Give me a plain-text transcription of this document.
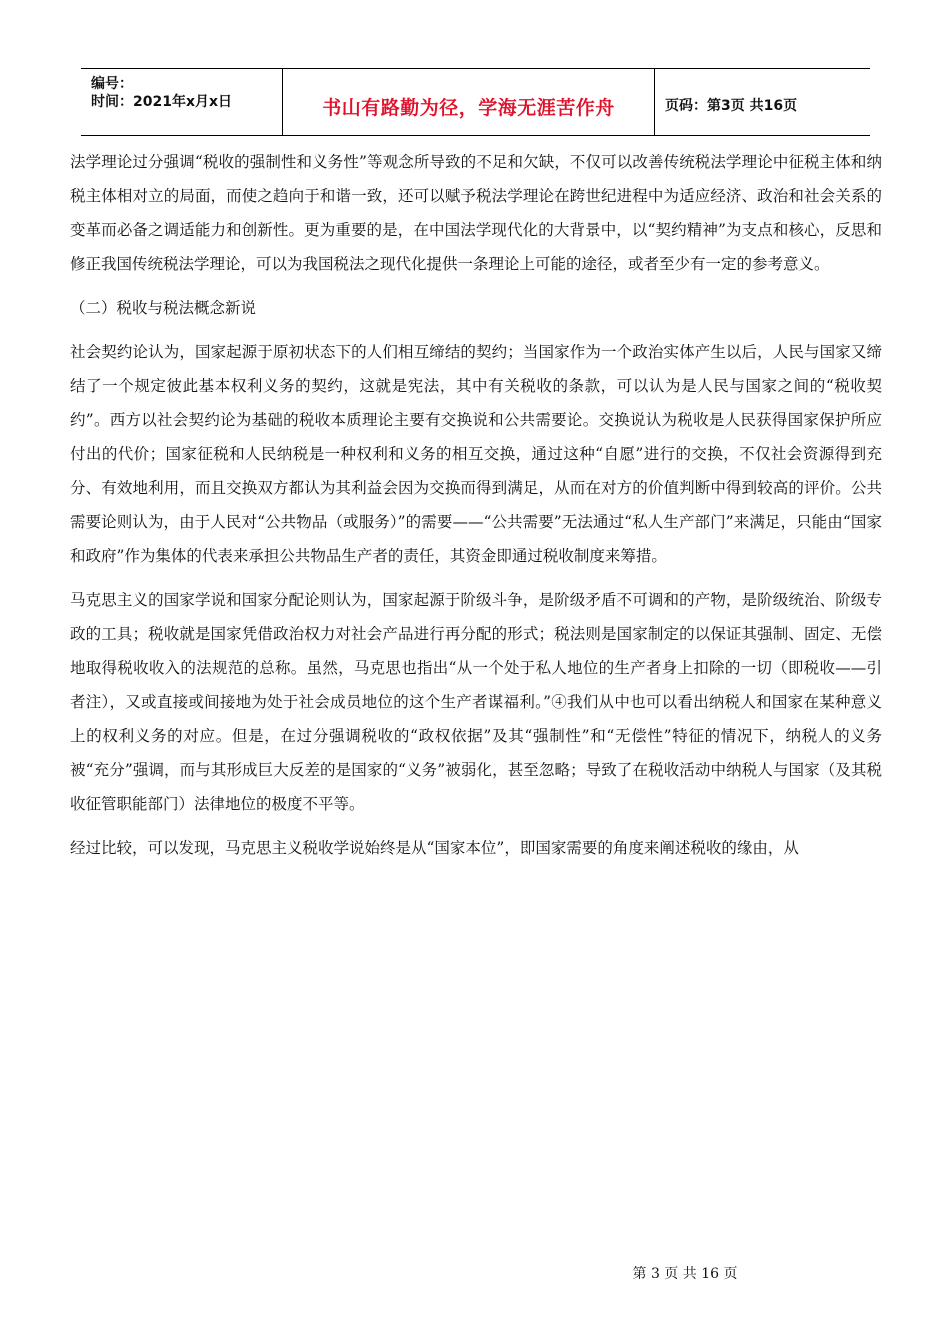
编号：
时间：2021年x月x日	书山有路勤为径，学海无涯苦作舟	页码：第3页 共16页

法学理论过分强调“税收的强制性和义务性”等观念所导致的不足和欠缺，不仅可以改善传统税法学理论中征税主体和纳税主体相对立的局面，而使之趋向于和谐一致，还可以赋予税法学理论在跨世纪进程中为适应经济、政治和社会关系的变革而必备之调适能力和创新性。更为重要的是，在中国法学现代化的大背景中，以“契约精神”为支点和核心，反思和修正我国传统税法学理论，可以为我国税法之现代化提供一条理论上可能的途径，或者至少有一定的参考意义。

（二）税收与税法概念新说

社会契约论认为，国家起源于原初状态下的人们相互缔结的契约；当国家作为一个政治实体产生以后，人民与国家又缔结了一个规定彼此基本权利义务的契约，这就是宪法，其中有关税收的条款，可以认为是人民与国家之间的“税收契约”。西方以社会契约论为基础的税收本质理论主要有交换说和公共需要论。交换说认为税收是人民获得国家保护所应付出的代价；国家征税和人民纳税是一种权利和义务的相互交换，通过这种“自愿”进行的交换，不仅社会资源得到充分、有效地利用，而且交换双方都认为其利益会因为交换而得到满足，从而在对方的价值判断中得到较高的评价。公共需要论则认为，由于人民对“公共物品（或服务）”的需要——“公共需要”无法通过“私人生产部门”来满足，只能由“国家和政府”作为集体的代表来承担公共物品生产者的责任，其资金即通过税收制度来筹措。

马克思主义的国家学说和国家分配论则认为，国家起源于阶级斗争，是阶级矛盾不可调和的产物，是阶级统治、阶级专政的工具；税收就是国家凭借政治权力对社会产品进行再分配的形式；税法则是国家制定的以保证其强制、固定、无偿地取得税收收入的法规范的总称。虽然，马克思也指出“从一个处于私人地位的生产者身上扣除的一切（即税收——引者注），又或直接或间接地为处于社会成员地位的这个生产者谋福利。”④我们从中也可以看出纳税人和国家在某种意义上的权利义务的对应。但是，在过分强调税收的“政权依据”及其“强制性”和“无偿性”特征的情况下，纳税人的义务被“充分”强调，而与其形成巨大反差的是国家的“义务”被弱化，甚至忽略；导致了在税收活动中纳税人与国家（及其税收征管职能部门）法律地位的极度不平等。

经过比较，可以发现，马克思主义税收学说始终是从“国家本位”，即国家需要的角度来阐述税收的缘由，从

第 3 页 共 16 页
